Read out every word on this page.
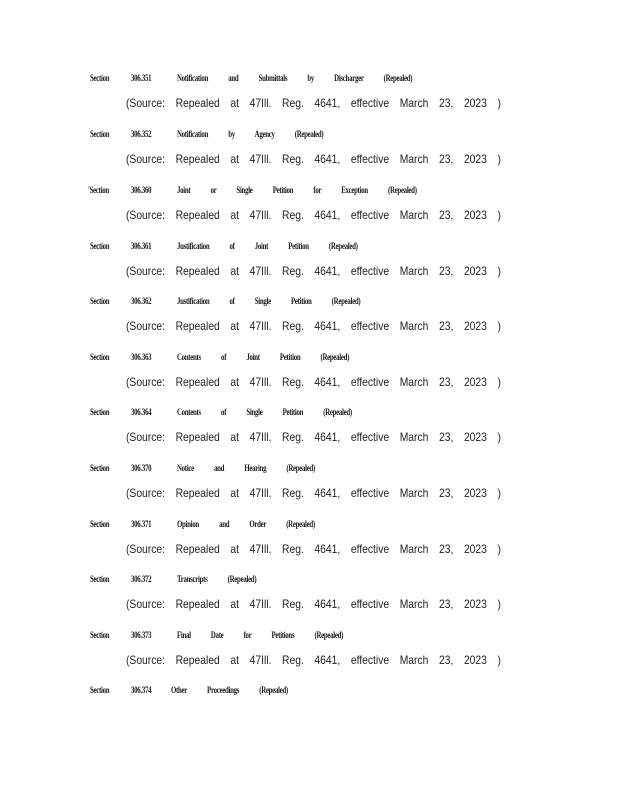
Section 306.351	Notification and Submittals by Discharger (Repealed)
(Source: Repealed at 47Ill. Reg. 4641, effective March 23, 2023 )
Section 306.352	Notification by Agency (Repealed)
(Source: Repealed at 47Ill. Reg. 4641, effective March 23, 2023 )
'Section 306.360	Joint or Single Petition for Exception (Repealed)
(Source: Repealed at 47Ill. Reg. 4641, effective March 23, 2023 )
Section 306.361	Justification of Joint Petition (Repealed)
(Source: Repealed at 47Ill. Reg. 4641, effective March 23, 2023 )
Section 306.362	Justification of Single Petition (Repealed)
(Source: Repealed at 47Ill. Reg. 4641, effective March 23, 2023 )
Section 306.363	Contents of Joint Petition (Repealed)
(Source: Repealed at 47Ill. Reg. 4641, effective March 23, 2023 )
Section 306.364	Contents of Single Petition (Repealed)
(Source: Repealed at 47Ill. Reg. 4641, effective March 23, 2023 )
Section 306.370	Notice and Hearing (Repealed)
(Source: Repealed at 47Ill. Reg. 4641, effective March 23, 2023 )
Section 306.371	Opinion and Order (Repealed)
(Source: Repealed at 47Ill. Reg. 4641, effective March 23, 2023 )
Section 306.372	Transcripts (Repealed)
(Source: Repealed at 47Ill. Reg. 4641, effective March 23, 2023 )
Section 306.373	Final Date for Petitions (Repealed)
(Source: Repealed at 47Ill. Reg. 4641, effective March 23, 2023 )
Section 306.374 Other Proceedings (Repealed)
